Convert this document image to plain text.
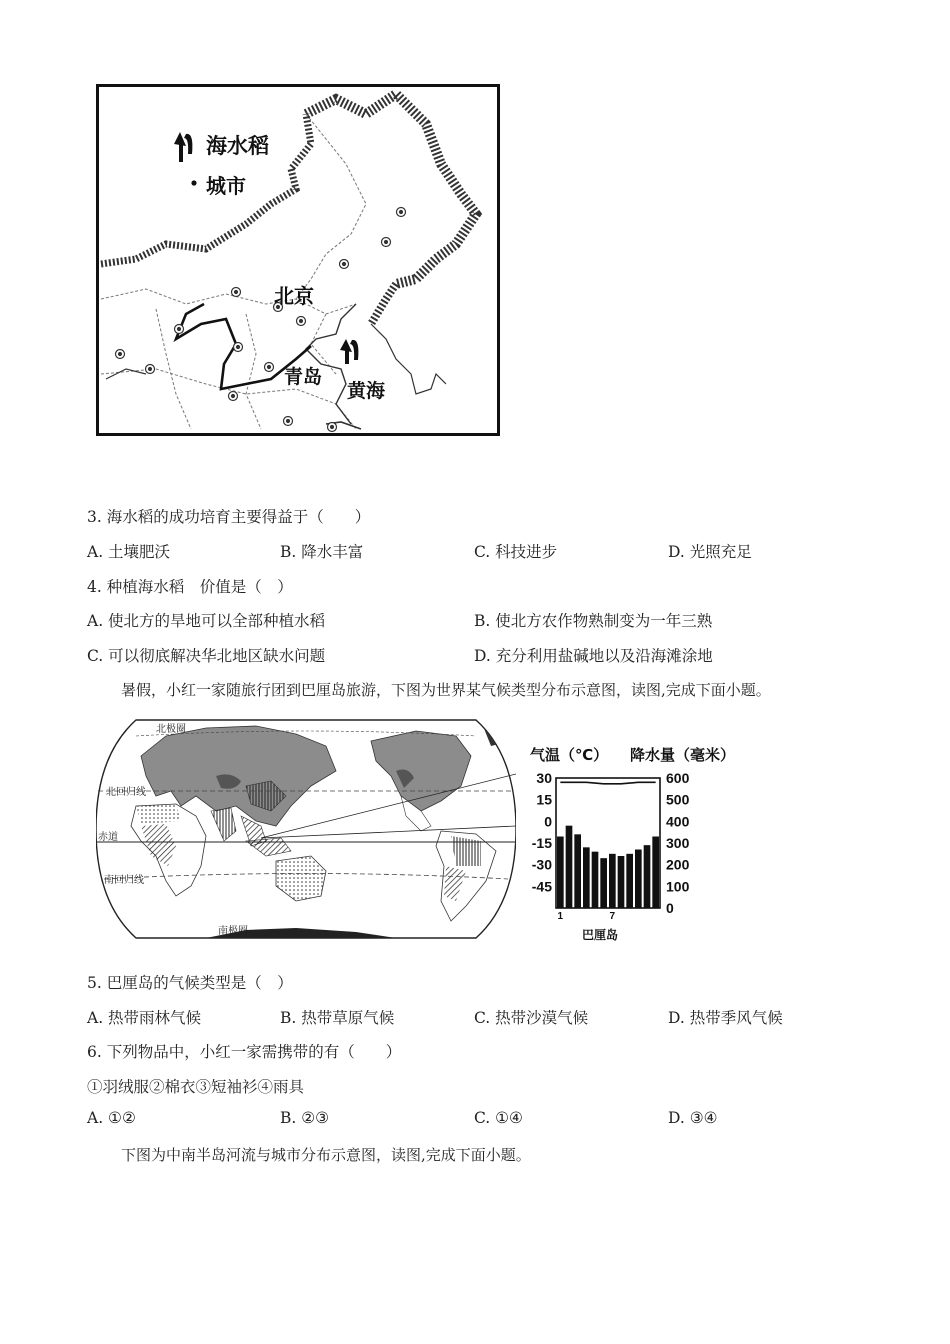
海水稻
城市
北京
青岛
黄海
3. 海水稻的成功培育主要得益于（　　）
A. 土壤肥沃	B. 降水丰富	C. 科技进步	D. 光照充足
4. 种植海水稻　价值是（　）
A. 使北方的旱地可以全部种植水稻	B. 使北方农作物熟制变为一年三熟
C. 可以彻底解决华北地区缺水问题	D. 充分利用盐碱地以及沿海滩涂地
暑假，小红一家随旅行团到巴厘岛旅游，下图为世界某气候类型分布示意图，读图,完成下面小题。
北极圈
北回归线
赤道
南回归线
南极圈
气温（℃） 降水量（毫米）
30
15
0
-15
-30
-45
600
500
400
300
200
100
0
1	7
巴厘岛
5. 巴厘岛的气候类型是（　）
A. 热带雨林气候	B. 热带草原气候	C. 热带沙漠气候	D. 热带季风气候
6. 下列物品中，小红一家需携带的有（　　）
①羽绒服②棉衣③短袖衫④雨具
A. ①②	B. ②③	C. ①④	D. ③④
下图为中南半岛河流与城市分布示意图，读图,完成下面小题。
